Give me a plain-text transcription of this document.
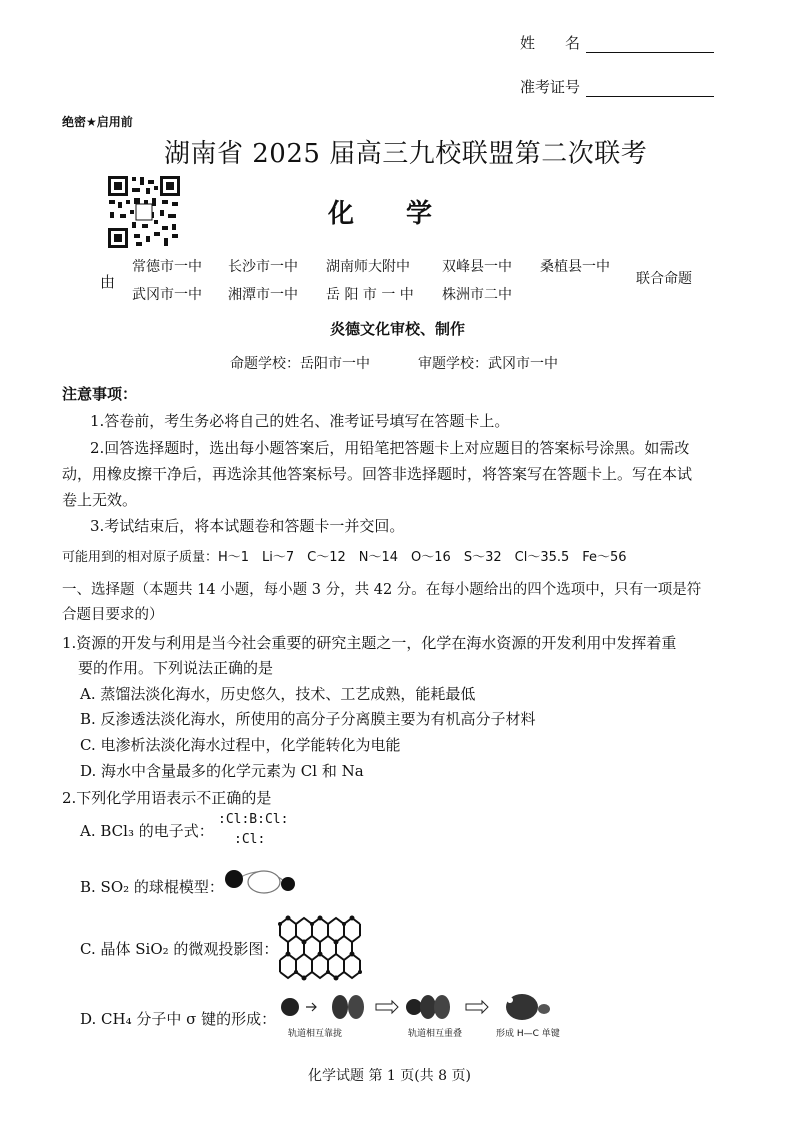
姓　　名
准考证号
绝密★启用前
湖南省 2025 届高三九校联盟第二次联考
化　　学
由
常德市一中 长沙市一中 湖南师大附中 双峰县一中 桑植县一中
武冈市一中 湘潭市一中 岳 阳 市 一 中 株洲市二中
联合命题
炎德文化审校、制作
命题学校：岳阳市一中	审题学校：武冈市一中
注意事项：
1.答卷前，考生务必将自己的姓名、准考证号填写在答题卡上。
2.回答选择题时，选出每小题答案后，用铅笔把答题卡上对应题目的答案标号涂黑。如需改
动，用橡皮擦干净后，再选涂其他答案标号。回答非选择题时，将答案写在答题卡上。写在本试
卷上无效。
3.考试结束后，将本试题卷和答题卡一并交回。
可能用到的相对原子质量：H～1　Li～7　C～12　N～14　O～16　S～32　Cl～35.5　Fe～56
一、选择题（本题共 14 小题，每小题 3 分，共 42 分。在每小题给出的四个选项中，只有一项是符
合题目要求的）
1.资源的开发与利用是当今社会重要的研究主题之一，化学在海水资源的开发利用中发挥着重
要的作用。下列说法正确的是
A. 蒸馏法淡化海水，历史悠久，技术、工艺成熟，能耗最低
B. 反渗透法淡化海水，所使用的高分子分离膜主要为有机高分子材料
C. 电渗析法淡化海水过程中，化学能转化为电能
D. 海水中含量最多的化学元素为 Cl 和 Na
2.下列化学用语表示不正确的是
A. BCl₃ 的电子式：
:Cl:B:Cl:
:Cl:
B. SO₂ 的球棍模型：
C. 晶体 SiO₂ 的微观投影图：
D. CH₄ 分子中 σ 键的形成：
轨道相互靠拢	轨道相互重叠	形成 H—C 单键
化学试题 第 1 页(共 8 页)
